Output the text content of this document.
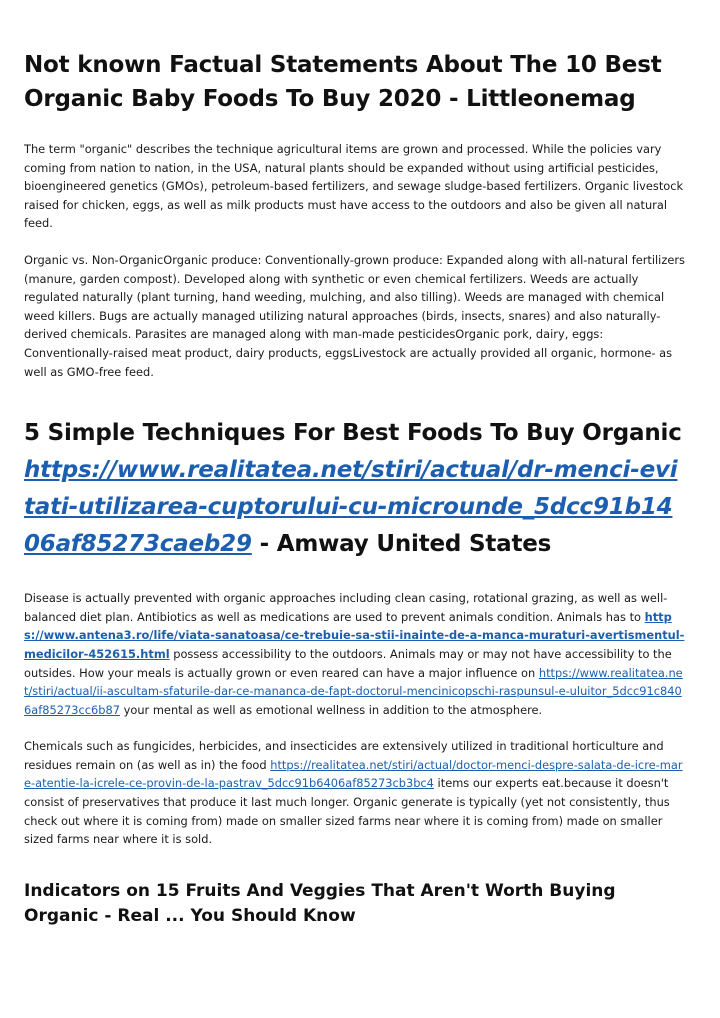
Not known Factual Statements About The 10 Best Organic Baby Foods To Buy 2020 - Littleonemag

The term "organic" describes the technique agricultural items are grown and processed. While the policies vary coming from nation to nation, in the USA, natural plants should be expanded without using artificial pesticides, bioengineered genetics (GMOs), petroleum-based fertilizers, and sewage sludge-based fertilizers. Organic livestock raised for chicken, eggs, as well as milk products must have access to the outdoors and also be given all natural feed.

Organic vs. Non-OrganicOrganic produce: Conventionally-grown produce: Expanded along with all-natural fertilizers (manure, garden compost). Developed along with synthetic or even chemical fertilizers. Weeds are actually regulated naturally (plant turning, hand weeding, mulching, and also tilling). Weeds are managed with chemical weed killers. Bugs are actually managed utilizing natural approaches (birds, insects, snares) and also naturally-derived chemicals. Parasites are managed along with man-made pesticidesOrganic pork, dairy, eggs: Conventionally-raised meat product, dairy products, eggsLivestock are actually provided all organic, hormone- as well as GMO-free feed.

5 Simple Techniques For Best Foods To Buy Organic https://www.realitatea.net/stiri/actual/dr-menci-evitati-utilizarea-cuptorului-cu-microunde_5dcc91b1406af85273caeb29 - Amway United States

Disease is actually prevented with organic approaches including clean casing, rotational grazing, as well as well-balanced diet plan. Antibiotics as well as medications are used to prevent animals condition. Animals has to https://www.antena3.ro/life/viata-sanatoasa/ce-trebuie-sa-stii-inainte-de-a-manca-muraturi-avertismentul-medicilor-452615.html possess accessibility to the outdoors. Animals may or may not have accessibility to the outsides. How your meals is actually grown or even reared can have a major influence on https://www.realitatea.net/stiri/actual/ii-ascultam-sfaturile-dar-ce-mananca-de-fapt-doctorul-mencinicopschi-raspunsul-e-uluitor_5dcc91c8406af85273cc6b87 your mental as well as emotional wellness in addition to the atmosphere.

Chemicals such as fungicides, herbicides, and insecticides are extensively utilized in traditional horticulture and residues remain on (as well as in) the food https://realitatea.net/stiri/actual/doctor-menci-despre-salata-de-icre-mare-atentie-la-icrele-ce-provin-de-la-pastrav_5dcc91b6406af85273cb3bc4 items our experts eat.because it doesn't consist of preservatives that produce it last much longer. Organic generate is typically (yet not consistently, thus check out where it is coming from) made on smaller sized farms near where it is coming from) made on smaller sized farms near where it is sold.

Indicators on 15 Fruits And Veggies That Aren't Worth Buying Organic - Real ... You Should Know
